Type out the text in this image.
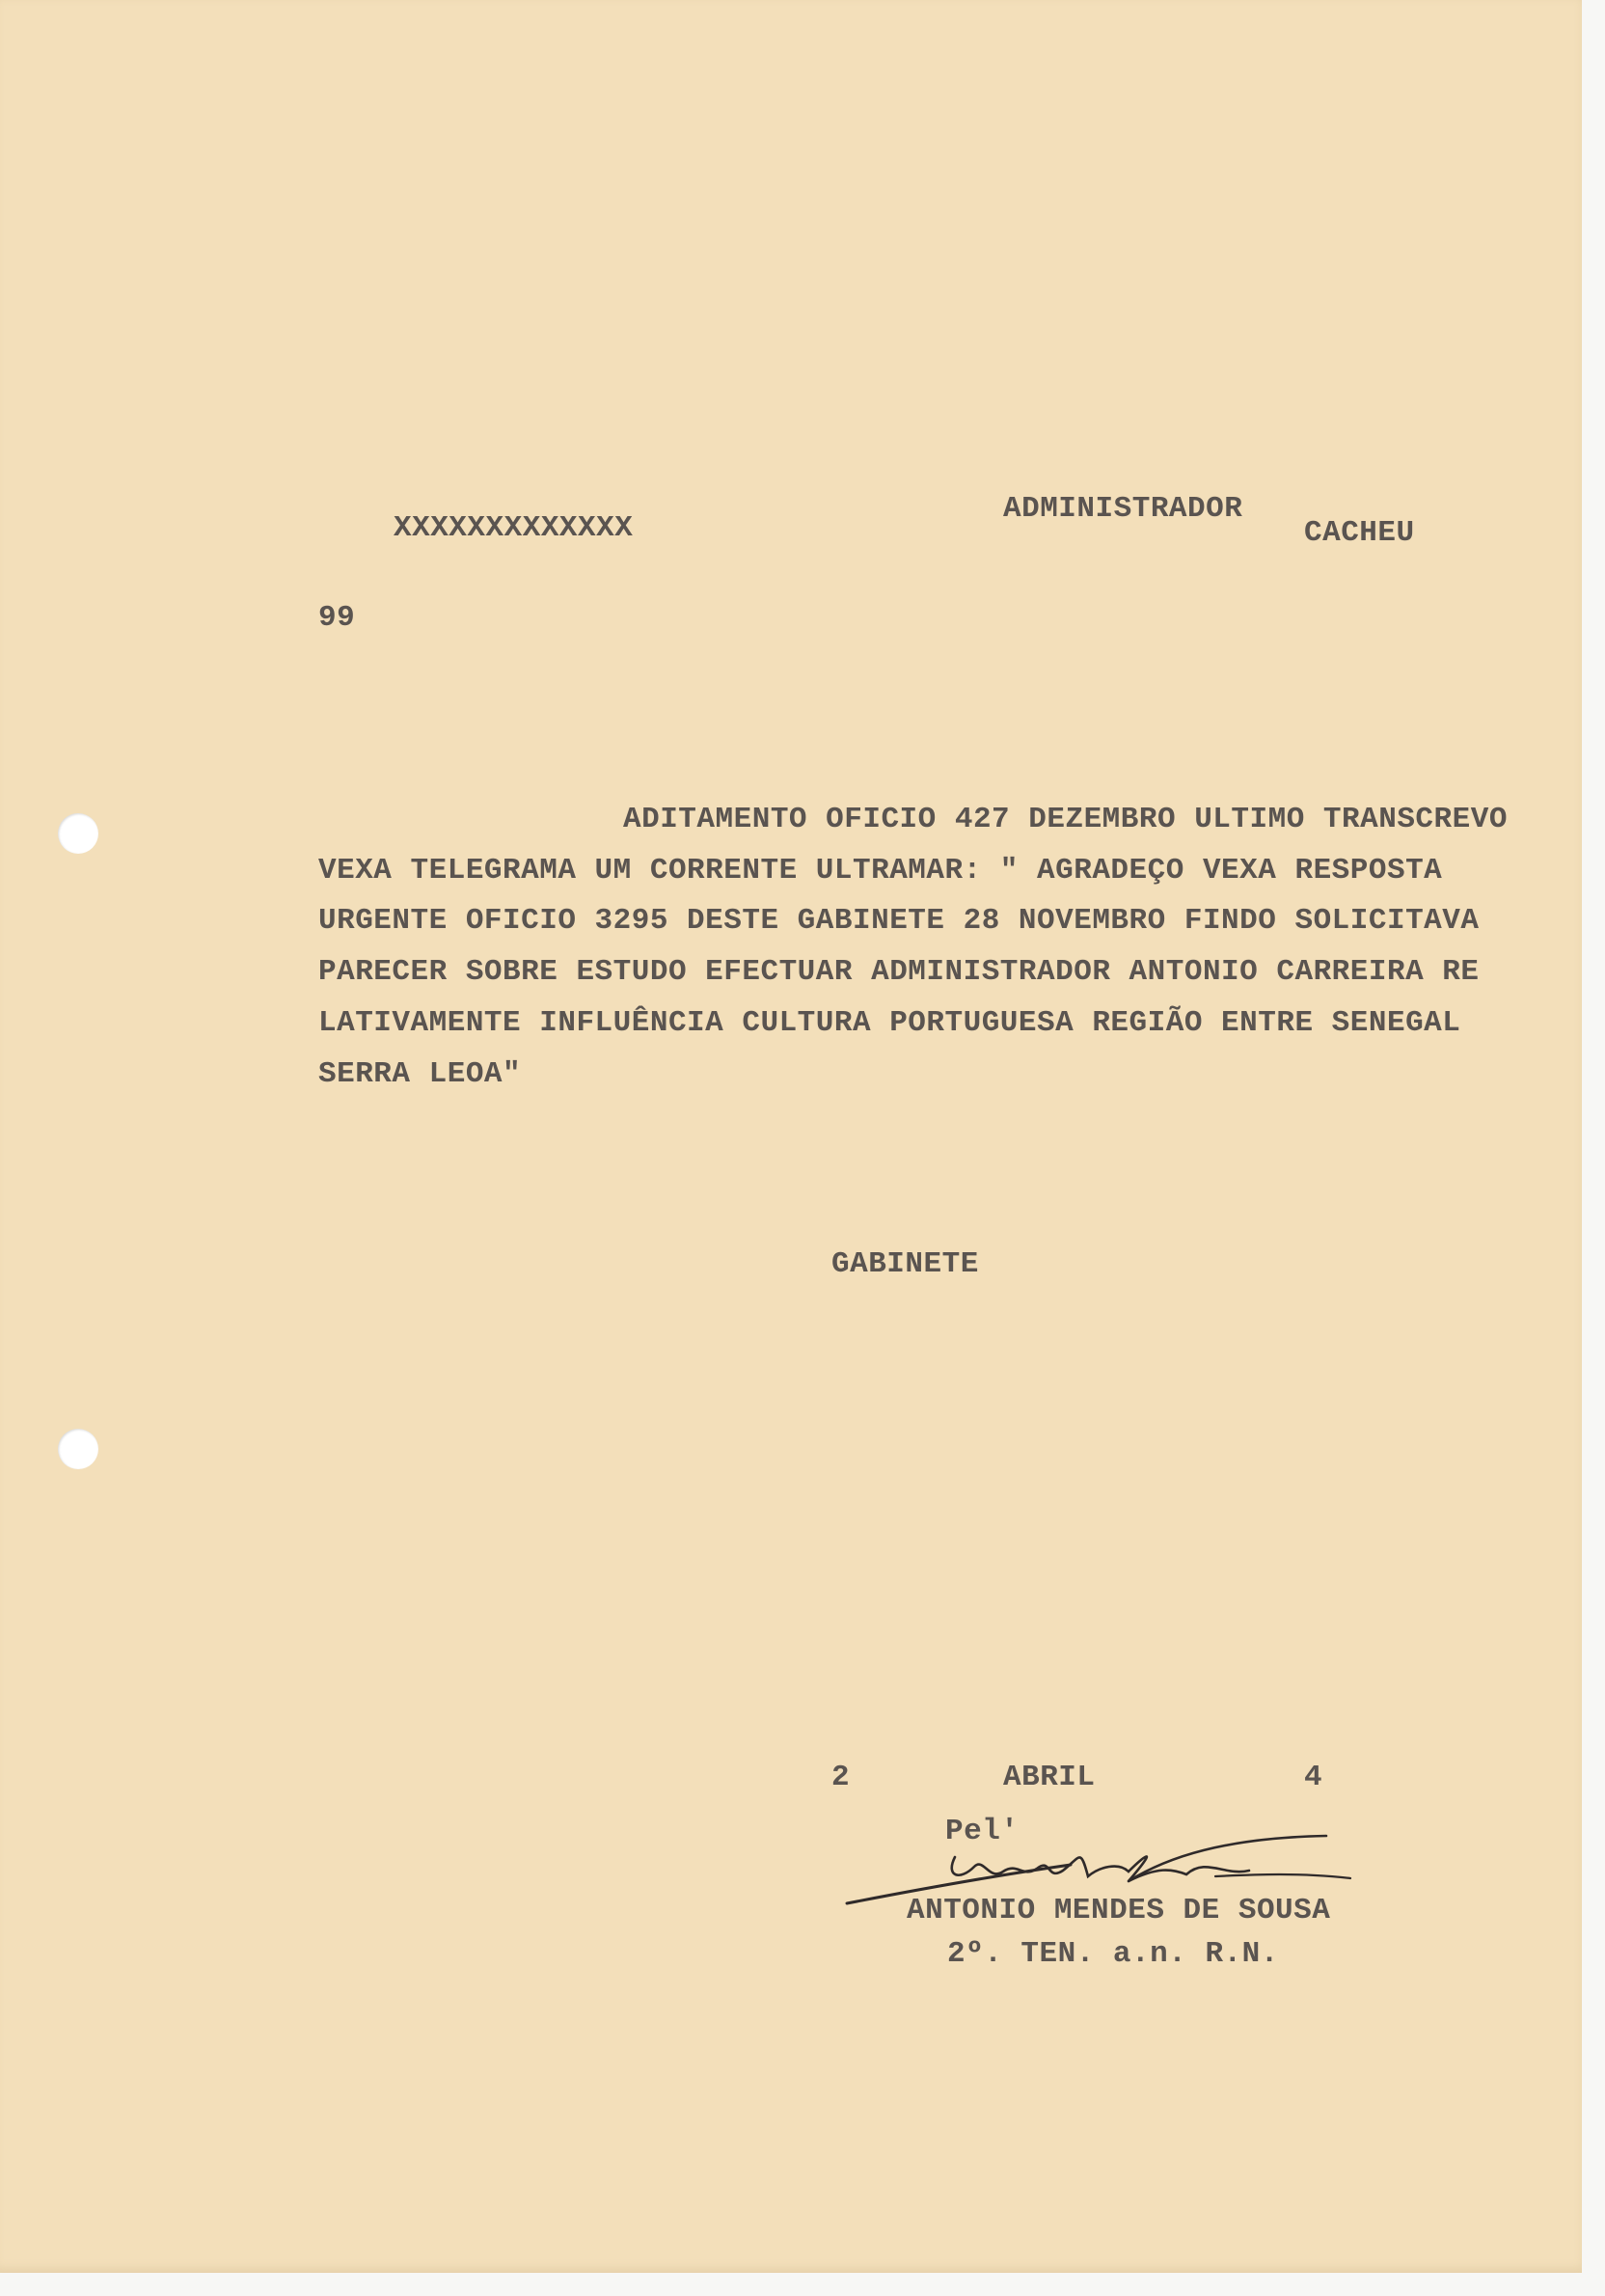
XXXXXXXXXXXXX
ADMINISTRADOR
CACHEU
99
ADITAMENTO OFICIO 427 DEZEMBRO ULTIMO TRANSCREVO
VEXA TELEGRAMA UM CORRENTE ULTRAMAR: " AGRADEÇO VEXA RESPOSTA
URGENTE OFICIO 3295 DESTE GABINETE 28 NOVEMBRO FINDO SOLICITAVA
PARECER SOBRE ESTUDO EFECTUAR ADMINISTRADOR ANTONIO CARREIRA RE
LATIVAMENTE INFLUÊNCIA CULTURA PORTUGUESA REGIÃO ENTRE SENEGAL
SERRA LEOA"
GABINETE
2	ABRIL	4
Pel'
ANTONIO MENDES DE SOUSA
2º. TEN. a.n. R.N.
